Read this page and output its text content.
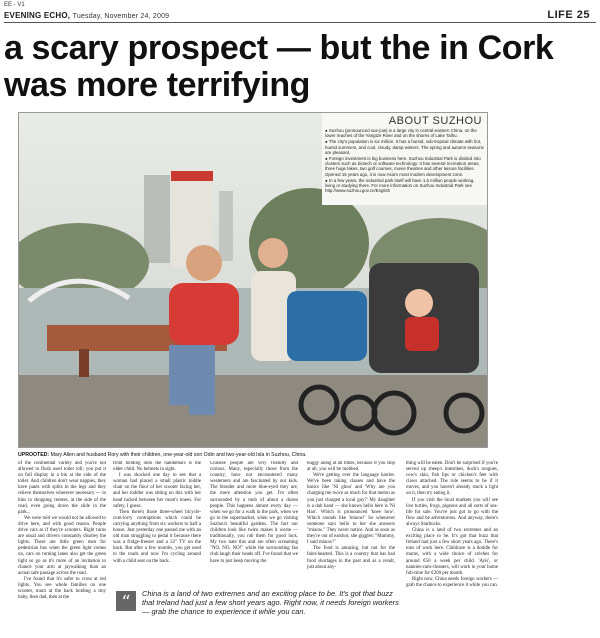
EE - V1
EVENING ECHO, Tuesday, November 24, 2009	LIFE 25
a scary prospect — but the in Cork was more terrifying
ABOUT SUZHOU
● Suzhou (pronounced sue-jow) is a large city in central-eastern China, on the lower reaches of the Yangtze River and on the shores of Lake Taihu.
● The city's population is six million. It has a humid, sub-tropical climate with hot, humid summers, and cool, cloudy, damp winters. The spring and autumn seasons are pleasant.
● Foreign investment is big business here. Suzhou Industrial Park is divided into clusters such as biotech or software technology. It has several recreation areas, three huge lakes, two golf courses, movie theatres and other leisure facilities. Opened 15 years ago, it is now Asia's most modern development zone.
● In a few years, the industrial park itself will have 1.5 million people working, living or studying there. For more information on Suzhou Industrial Park see http://www.suzhou.gov.cn/English
UPROOTED: Mary Allen and husband Rory with their children, one-year-old son Odin and two-year-old Isla in Suzhou, China.

of the continental variety and you're not allowed to flush used toilet roll; you put it on full display in a bin at the side of the toilet. And children don't wear nappies, they have pants with splits in the legs and they relieve themselves wherever necessary — in bins in shopping centres, at the side of the road, even going down the slide in the park...

We were told we would not be allowed to drive here, and with good reason. People drive cars as if they're scooters. Right turns are usual and drivers constantly disobey the lights. There are little green men for pedestrian bus when the green light comes on, cars on turning lanes also get the green light so go as it's more of an invitation to chance your arm at jaywalking than an actual safe passage across the road.

I've found that it's safer to cross at red lights. You see whole families on one scooter, mum at the back holding a tiny baby, then dad, then at the

front holding onto the handlebars is the older child. No helmets in sight.

I was shocked one day to see that a woman had placed a small plastic kiddie chair on the floor of her scooter facing her, and her toddler was sitting on this with her head tucked between her mum's knees. For safety, I guess.

Then there's those three-wheel bicycle-cum-lorry contraptions which could be carrying anything from six workers to half a house. Just yesterday one passed me with an old man struggling to pedal it because there was a fridge-freezer and a 32" TV on the back. But after a few months, you get used to the roads and now I'm cycling around with a child seat on the back.

Chinese people are very friendly and curious. Many, especially those from the country, have not encountered many westerners and are fascinated by our kids. The blonder and more blue-eyed they are, the more attention you get. I'm often surrounded by a mob of about a dozen people. This happens almost every day — when we go for a walk in the park, when we go to the supermarket, when we go visiting Suzhou's beautiful gardens. The fact our children look like twins makes it worse — traditionally, you rub them for good luck. My two hate this and are often screaming "NO, NO, NO!" while the surrounding fan club laugh their heads off. I've found that we have to just keep moving the

buggy along at all times, because if you stop at all, you will be mobbed.

We're getting over the language barrier. We've been taking classes and have the basics like 'Ni ghoo' and 'Why are you charging me twice as much for that melon as you just charged a local guy?' My daughter is a dab hand — she knows hello here is 'Ni Hao'. Which is pronounced 'knee how'. Which sounds like 'miaow!' So whenever someone says hello to her she answers "miaow." They never notice. And as soon as they're out of earshot, she giggles: "Mummy, I said miaow!"

The food is amazing, but not for the faint-hearted. This is a country that has had food shortages in the past and as a result, just about any-

thing will be eaten. Don't be surprised if you're served up sheep's intestines, duck's tongues, cow's skin, fish lips or chicken's feet with claws attached. The rule seems to be if it moves, and you haven't already stuck a light on it, then try eating it.

If you visit the local markets you will see live turtles, frogs, pigeons and all sorts of sea-life for sale. You've just got to go with the flow and be adventurous. And anyway, there's always Starbucks.

China is a land of two extremes and an exciting place to be. It's got that buzz that Ireland had just a few short years ago. There's tons of work here. Childcare is a doddle for mums, with a wide choice of crèches for around €50 a week per child. 'Ayis', or nannies-cum-cleaners, will work in your home full-time for €200 per month.

Right now, China needs foreign workers — grab the chance to experience it while you can.

“	China is a land of two extremes and an exciting place to be. It's got that buzz that Ireland had just a few short years ago. Right now, it needs foreign workers — grab the chance to experience it while you can.
